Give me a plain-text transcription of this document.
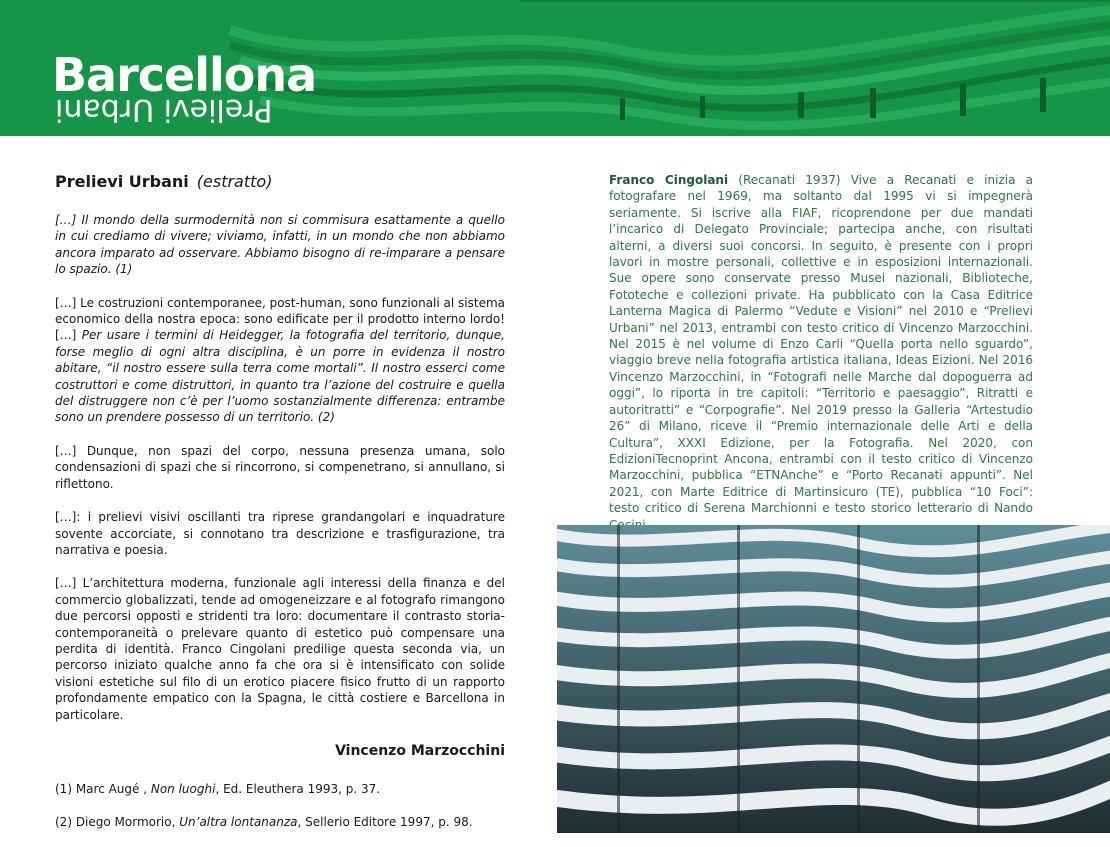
Barcellona
Prelievi Urbani
Prelievi Urbani (estratto)

[…] Il mondo della surmodernità non si commisura esattamente a quello in cui crediamo di vivere; viviamo, infatti, in un mondo che non abbiamo ancora imparato ad osservare. Abbiamo bisogno di re-imparare a pensare lo spazio. (1)

[…] Le costruzioni contemporanee, post-human, sono funzionali al sistema economico della nostra epoca: sono edificate per il prodotto interno lordo! […] Per usare i termini di Heidegger, la fotografia del territorio, dunque, forse meglio di ogni altra disciplina, è un porre in evidenza il nostro abitare, “il nostro essere sulla terra come mortali”. Il nostro esserci come costruttori e come distruttori, in quanto tra l’azione del costruire e quella del distruggere non c’è per l’uomo sostanzialmente differenza: entrambe sono un prendere possesso di un territorio. (2)

[…] Dunque, non spazi del corpo, nessuna presenza umana, solo condensazioni di spazi che si rincorrono, si compenetrano, si annullano, si riflettono.

[…]: i prelievi visivi oscillanti tra riprese grandangolari e inquadrature sovente accorciate, si connotano tra descrizione e trasfigurazione, tra narrativa e poesia.

[…] L’architettura moderna, funzionale agli interessi della finanza e del commercio globalizzati, tende ad omogeneizzare e al fotografo rimangono due percorsi opposti e stridenti tra loro: documentare il contrasto storia-contemporaneità o prelevare quanto di estetico può compensare una perdita di identità. Franco Cingolani predilige questa seconda via, un percorso iniziato qualche anno fa che ora si è intensificato con solide visioni estetiche sul filo di un erotico piacere fisico frutto di un rapporto profondamente empatico con la Spagna, le città costiere e Barcellona in particolare.

Vincenzo Marzocchini

(1) Marc Augé , Non luoghi, Ed. Eleuthera 1993, p. 37.

(2) Diego Mormorio, Un’altra lontananza, Sellerio Editore 1997, p. 98.

Franco Cingolani (Recanati 1937) Vive a Recanati e inizia a fotografare nel 1969, ma soltanto dal 1995 vi si impegnerà seriamente. Si iscrive alla FIAF, ricoprendone per due mandati l’incarico di Delegato Provinciale; partecipa anche, con risultati alterni, a diversi suoi concorsi. In seguito, è presente con i propri lavori in mostre personali, collettive e in esposizioni internazionali. Sue opere sono conservate presso Musei nazionali, Biblioteche, Fototeche e collezioni private. Ha pubblicato con la Casa Editrice Lanterna Magica di Palermo “Vedute e Visioni” nel 2010 e “Prelievi Urbani” nel 2013, entrambi con testo critico di Vincenzo Marzocchini. Nel 2015 è nel volume di Enzo Carli “Quella porta nello sguardo”, viaggio breve nella fotografia artistica italiana, Ideas Eizioni. Nel 2016 Vincenzo Marzocchini, in “Fotografi nelle Marche dal dopoguerra ad oggi”, lo riporta in tre capitoli: “Territorio e paesaggio”, Ritratti e autoritratti” e “Corpografie”. Nel 2019 presso la Galleria “Artestudio 26” di Milano, riceve il “Premio internazionale delle Arti e della Cultura”, XXXI Edizione, per la Fotografia. Nel 2020, con EdizioniTecnoprint Ancona, entrambi con il testo critico di Vincenzo Marzocchini, pubblica “ETNAnche” e “Porto Recanati appunti”. Nel 2021, con Marte Editrice di Martinsicuro (TE), pubblica “10 Foci”: testo critico di Serena Marchionni e testo storico letterario di Nando
